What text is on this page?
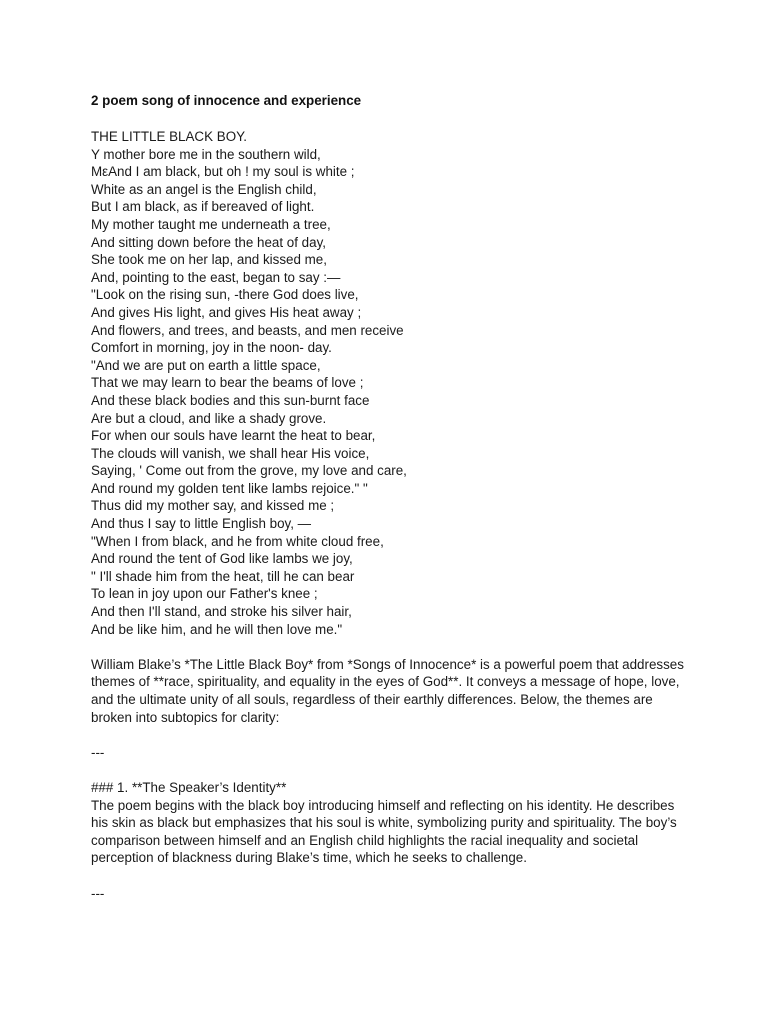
2 poem song of innocence and experience

THE LITTLE BLACK BOY.

Y mother bore me in the southern wild,

MεAnd I am black, but oh ! my soul is white ;

White as an angel is the English child,

But I am black, as if bereaved of light.

My mother taught me underneath a tree,

And sitting down before the heat of day,

She took me on her lap, and kissed me,

And, pointing to the east, began to say :—

"Look on the rising sun, -there God does live,

And gives His light, and gives His heat away ;

And flowers, and trees, and beasts, and men receive

Comfort in morning, joy in the noon- day.

"And we are put on earth a little space,

That we may learn to bear the beams of love ;

And these black bodies and this sun-burnt face

Are but a cloud, and like a shady grove.

For when our souls have learnt the heat to bear,

The clouds will vanish, we shall hear His voice,

Saying, ' Come out from the grove, my love and care,

And round my golden tent like lambs rejoice." "

Thus did my mother say, and kissed me ;

And thus I say to little English boy, —

"When I from black, and he from white cloud free,

And round the tent of God like lambs we joy,

" I'll shade him from the heat, till he can bear

To lean in joy upon our Father's knee ;

And then I'll stand, and stroke his silver hair,

And be like him, and he will then love me."

William Blake’s *The Little Black Boy* from *Songs of Innocence* is a powerful poem that addresses themes of **race, spirituality, and equality in the eyes of God**. It conveys a message of hope, love, and the ultimate unity of all souls, regardless of their earthly differences. Below, the themes are broken into subtopics for clarity:

---

### 1. **The Speaker’s Identity**

The poem begins with the black boy introducing himself and reflecting on his identity. He describes his skin as black but emphasizes that his soul is white, symbolizing purity and spirituality. The boy’s comparison between himself and an English child highlights the racial inequality and societal perception of blackness during Blake’s time, which he seeks to challenge.

---
